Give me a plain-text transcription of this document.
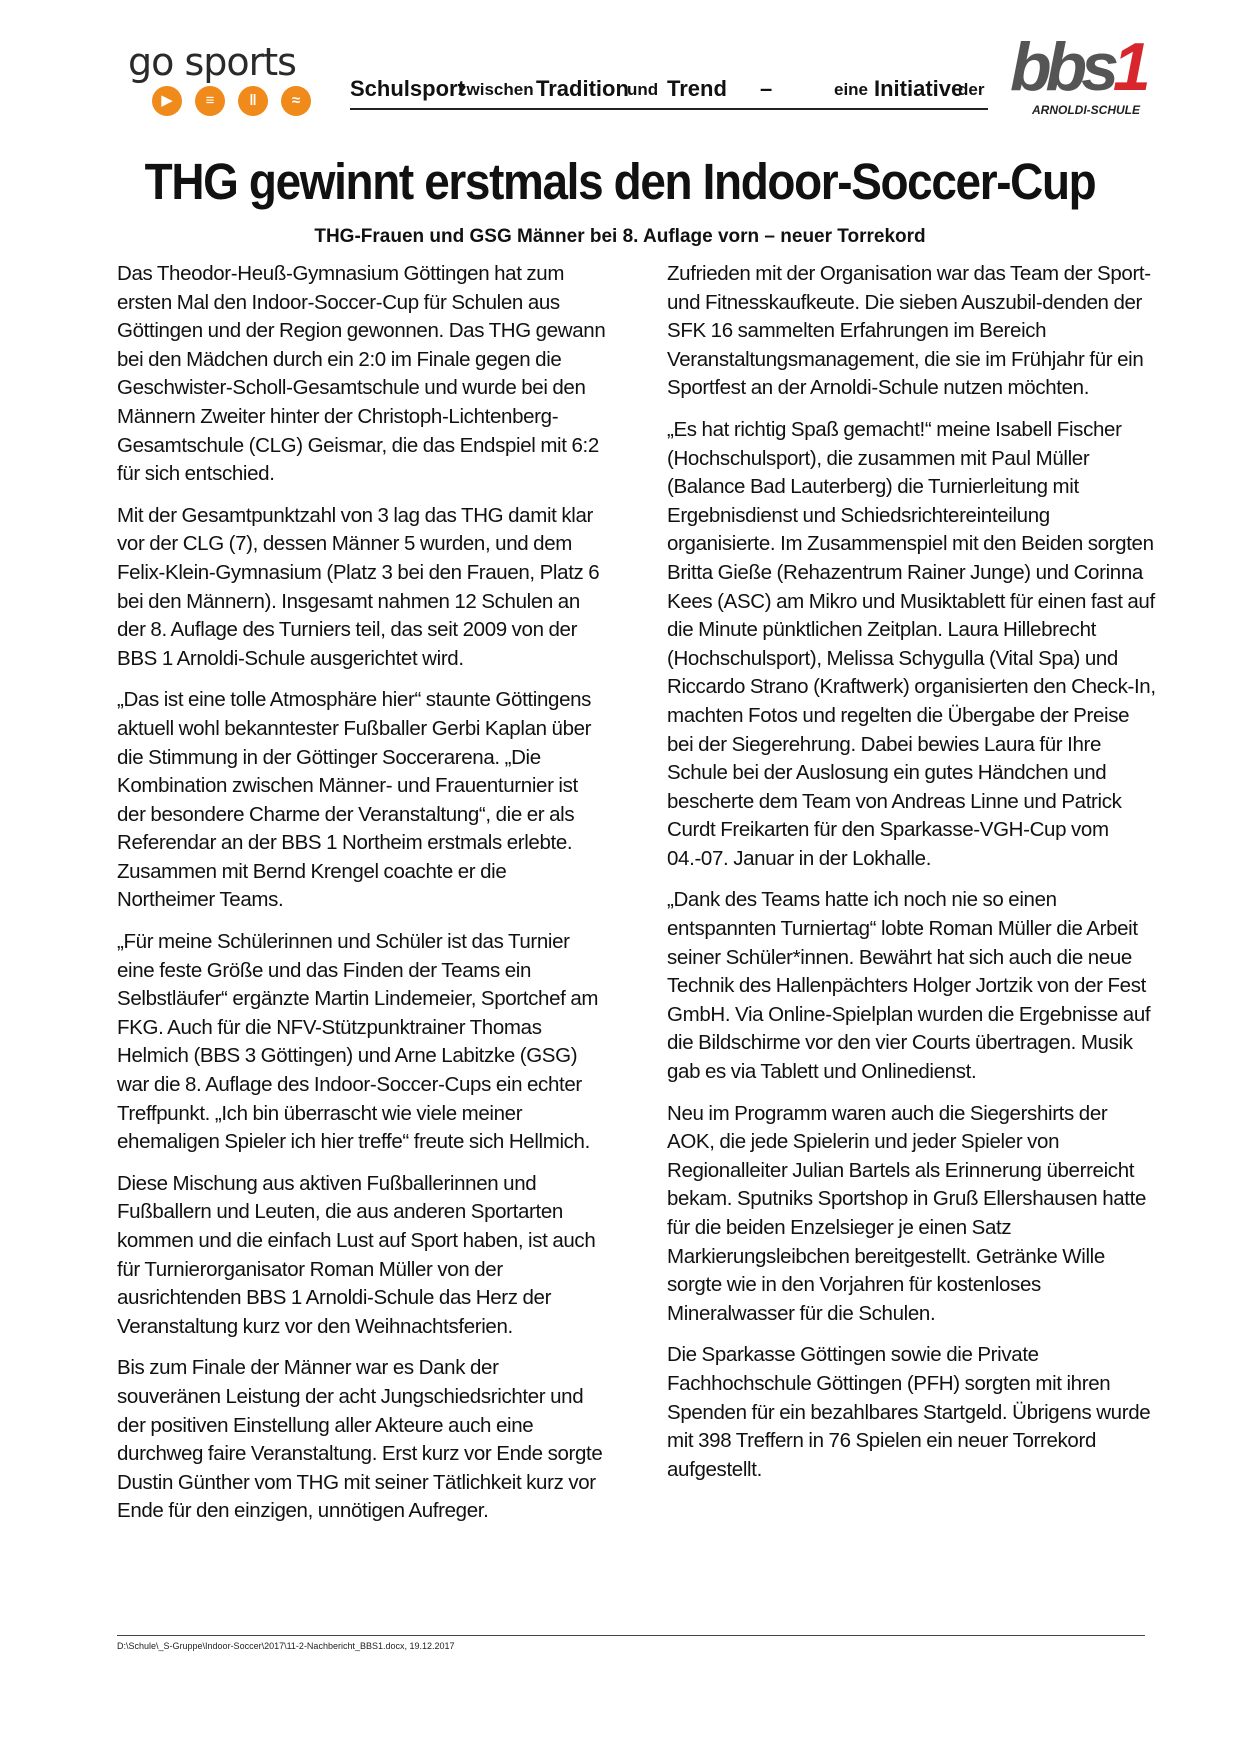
go sports
▶	≡	‖	≈	Schulsport
zwischen Tradition
und Trend –	eine Initiative
der bbs1
ARNOLDI-SCHULE
THG gewinnt erstmals den Indoor-Soccer-Cup
THG-Frauen und GSG Männer bei 8. Auflage vorn – neuer Torrekord

Das Theodor-Heuß-Gymnasium Göttingen hat zum ersten Mal den Indoor-Soccer-Cup für Schulen aus Göttingen und der Region gewonnen. Das THG gewann bei den Mädchen durch ein 2:0 im Finale gegen die Geschwister-Scholl-Gesamtschule und wurde bei den Männern Zweiter hinter der Christoph-Lichtenberg-Gesamtschule (CLG) Geismar, die das Endspiel mit 6:2 für sich entschied.

Mit der Gesamtpunktzahl von 3 lag das THG damit klar vor der CLG (7), dessen Männer 5 wurden, und dem Felix-Klein-Gymnasium (Platz 3 bei den Frauen, Platz 6 bei den Männern). Insgesamt nahmen 12 Schulen an der 8. Auflage des Turniers teil, das seit 2009 von der BBS 1 Arnoldi-Schule ausgerichtet wird.

„Das ist eine tolle Atmosphäre hier“ staunte Göttingens aktuell wohl bekanntester Fußballer Gerbi Kaplan über die Stimmung in der Göttinger Soccerarena. „Die Kombination zwischen Männer- und Frauenturnier ist der besondere Charme der Veranstaltung“, die er als Referendar an der BBS 1 Northeim erstmals erlebte. Zusammen mit Bernd Krengel coachte er die Northeimer Teams.

„Für meine Schülerinnen und Schüler ist das Turnier eine feste Größe und das Finden der Teams ein Selbstläufer“ ergänzte Martin Lindemeier, Sportchef am FKG. Auch für die NFV-Stützpunktrainer Thomas Helmich (BBS 3 Göttingen) und Arne Labitzke (GSG) war die 8. Auflage des Indoor-Soccer-Cups ein echter Treffpunkt. „Ich bin überrascht wie viele meiner ehemaligen Spieler ich hier treffe“ freute sich Hellmich.

Diese Mischung aus aktiven Fußballerinnen und Fußballern und Leuten, die aus anderen Sportarten kommen und die einfach Lust auf Sport haben, ist auch für Turnierorganisator Roman Müller von der ausrichtenden BBS 1 Arnoldi-Schule das Herz der Veranstaltung kurz vor den Weihnachtsferien.

Bis zum Finale der Männer war es Dank der souveränen Leistung der acht Jungschiedsrichter und der positiven Einstellung aller Akteure auch eine durchweg faire Veranstaltung. Erst kurz vor Ende sorgte Dustin Günther vom THG mit seiner Tätlichkeit kurz vor Ende für den einzigen, unnötigen Aufreger.

Zufrieden mit der Organisation war das Team der Sport- und Fitnesskaufkeute. Die sieben Auszubil-denden der SFK 16 sammelten Erfahrungen im Bereich Veranstaltungsmanagement, die sie im Frühjahr für ein Sportfest an der Arnoldi-Schule nutzen möchten.

„Es hat richtig Spaß gemacht!“ meine Isabell Fischer (Hochschulsport), die zusammen mit Paul Müller (Balance Bad Lauterberg) die Turnierleitung mit Ergebnisdienst und Schiedsrichtereinteilung organisierte. Im Zusammenspiel mit den Beiden sorgten Britta Gieße (Rehazentrum Rainer Junge) und Corinna Kees (ASC) am Mikro und Musiktablett für einen fast auf die Minute pünktlichen Zeitplan. Laura Hillebrecht (Hochschulsport), Melissa Schygulla (Vital Spa) und Riccardo Strano (Kraftwerk) organisierten den Check-In, machten Fotos und regelten die Übergabe der Preise bei der Siegerehrung. Dabei bewies Laura für Ihre Schule bei der Auslosung ein gutes Händchen und bescherte dem Team von Andreas Linne und Patrick Curdt Freikarten für den Sparkasse-VGH-Cup vom 04.-07. Januar in der Lokhalle.

„Dank des Teams hatte ich noch nie so einen entspannten Turniertag“ lobte Roman Müller die Arbeit seiner Schüler*innen. Bewährt hat sich auch die neue Technik des Hallenpächters Holger Jortzik von der Fest GmbH. Via Online-Spielplan wurden die Ergebnisse auf die Bildschirme vor den vier Courts übertragen. Musik gab es via Tablett und Onlinedienst.

Neu im Programm waren auch die Siegershirts der AOK, die jede Spielerin und jeder Spieler von Regionalleiter Julian Bartels als Erinnerung überreicht bekam. Sputniks Sportshop in Gruß Ellershausen hatte für die beiden Enzelsieger je einen Satz Markierungsleibchen bereitgestellt. Getränke Wille sorgte wie in den Vorjahren für kostenloses Mineralwasser für die Schulen.

Die Sparkasse Göttingen sowie die Private Fachhochschule Göttingen (PFH) sorgten mit ihren Spenden für ein bezahlbares Startgeld. Übrigens wurde mit 398 Treffern in 76 Spielen ein neuer Torrekord aufgestellt.

D:\Schule\_S-Gruppe\Indoor-Soccer\2017\11-2-Nachbericht_BBS1.docx, 19.12.2017
